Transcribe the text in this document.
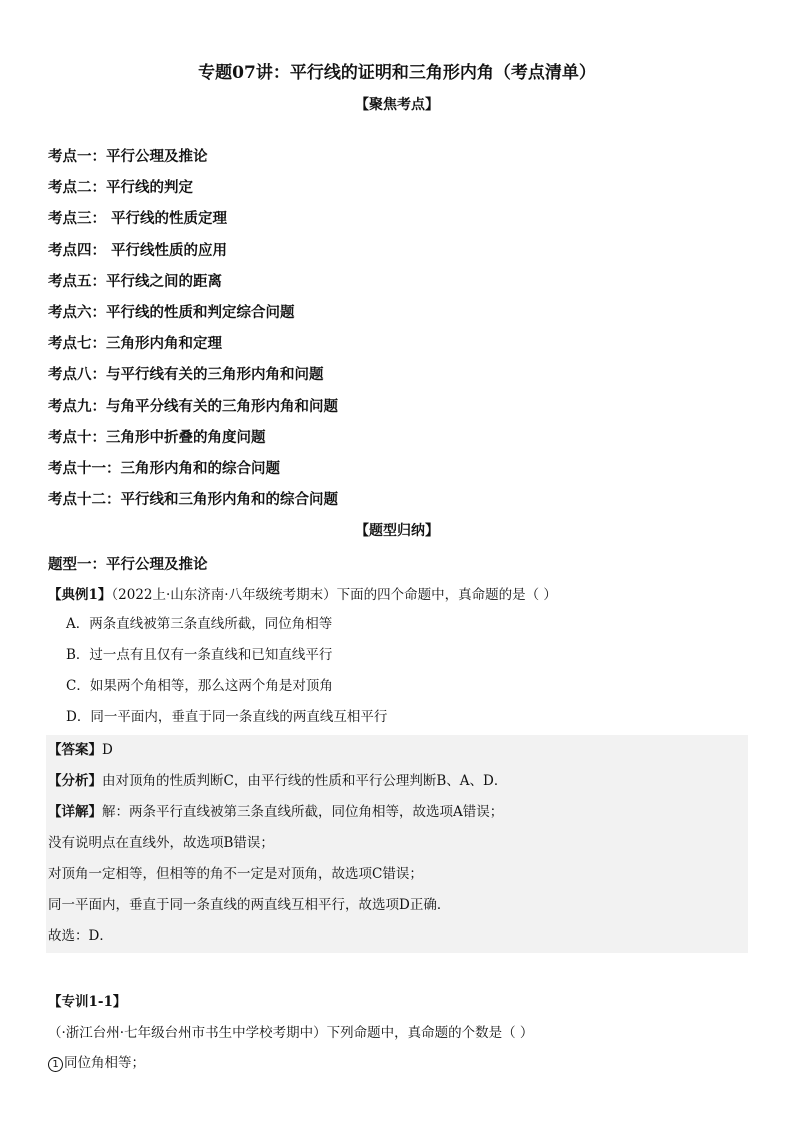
专题07讲：平行线的证明和三角形内角（考点清单）
【聚焦考点】
考点一：平行公理及推论
考点二：平行线的判定
考点三： 平行线的性质定理
考点四： 平行线性质的应用
考点五：平行线之间的距离
考点六：平行线的性质和判定综合问题
考点七：三角形内角和定理
考点八：与平行线有关的三角形内角和问题
考点九：与角平分线有关的三角形内角和问题
考点十：三角形中折叠的角度问题
考点十一：三角形内角和的综合问题
考点十二：平行线和三角形内角和的综合问题
【题型归纳】
题型一：平行公理及推论
【典例1】（2022上·山东济南·八年级统考期末）下面的四个命题中，真命题的是（ ）
A．两条直线被第三条直线所截，同位角相等
B．过一点有且仅有一条直线和已知直线平行
C．如果两个角相等，那么这两个角是对顶角
D．同一平面内，垂直于同一条直线的两直线互相平行
【答案】D
【分析】由对顶角的性质判断C，由平行线的性质和平行公理判断B、A、D．
【详解】解：两条平行直线被第三条直线所截，同位角相等，故选项A错误；
没有说明点在直线外，故选项B错误；
对顶角一定相等，但相等的角不一定是对顶角，故选项C错误；
同一平面内，垂直于同一条直线的两直线互相平行，故选项D正确．
故选：D．
【专训1-1】
（·浙江台州·七年级台州市书生中学校考期中）下列命题中，真命题的个数是（ ）
1 同位角相等；
